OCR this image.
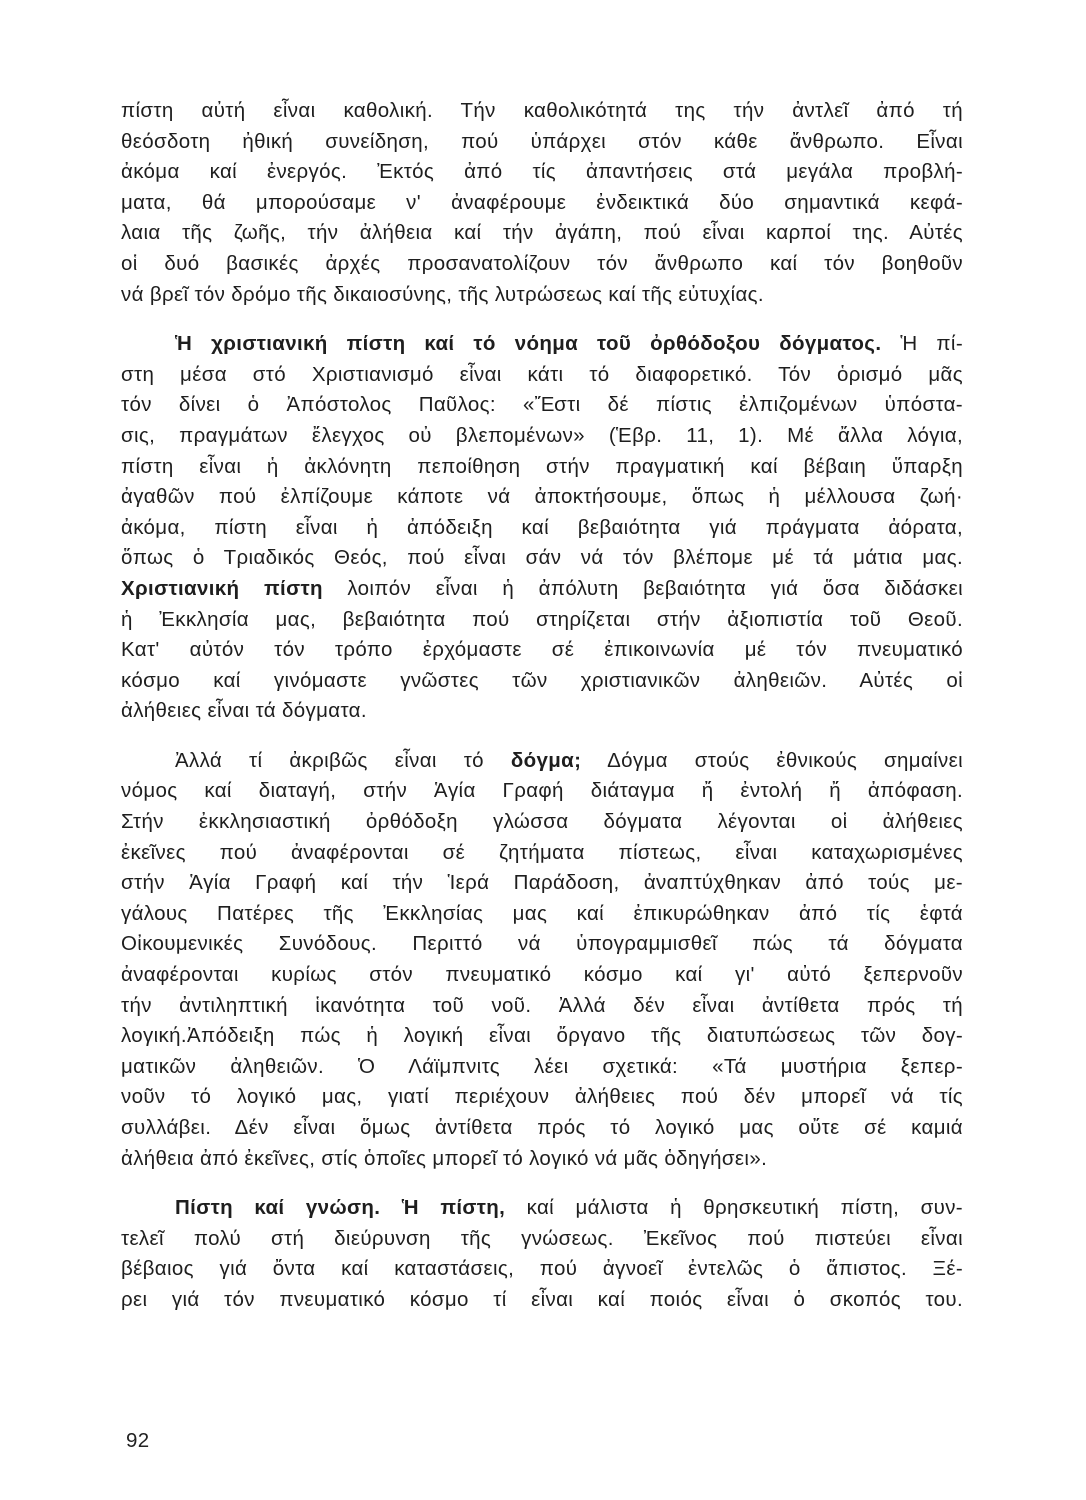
πίστη αὐτή εἶναι καθολική. Τήν καθολικότητά της τήν ἀντλεῖ ἀπό τή
θεόσδοτη ἠθική συνείδηση, πού ὑπάρχει στόν κάθε ἄνθρωπο. Εἶναι
ἀκόμα καί ἐνεργός. Ἐκτός ἀπό τίς ἀπαντήσεις στά μεγάλα προβλή-
ματα, θά μπορούσαμε ν' ἀναφέρουμε ἐνδεικτικά δύο σημαντικά κεφά-
λαια τῆς ζωῆς, τήν ἀλήθεια καί τήν ἀγάπη, πού εἶναι καρποί της. Αὐτές
οἱ δυό βασικές ἀρχές προσανατολίζουν τόν ἄνθρωπο καί τόν βοηθοῦν
νά βρεῖ τόν δρόμο τῆς δικαιοσύνης, τῆς λυτρώσεως καί τῆς εὐτυχίας.
Ἡ χριστιανική πίστη καί τό νόημα τοῦ ὀρθόδοξου δόγματος. Ἡ πί-
στη μέσα στό Χριστιανισμό εἶναι κάτι τό διαφορετικό. Τόν ὁρισμό μᾶς
τόν δίνει ὁ Ἀπόστολος Παῦλος: «Ἔστι δέ πίστις ἐλπιζομένων ὑπόστα-
σις, πραγμάτων ἔλεγχος οὐ βλεπομένων» (Ἑβρ. 11, 1). Μέ ἄλλα λόγια,
πίστη εἶναι ἡ ἀκλόνητη πεποίθηση στήν πραγματική καί βέβαιη ὕπαρξη
ἀγαθῶν πού ἐλπίζουμε κάποτε νά ἀποκτήσουμε, ὅπως ἡ μέλλουσα ζωή·
ἀκόμα, πίστη εἶναι ἡ ἀπόδειξη καί βεβαιότητα γιά πράγματα ἀόρατα,
ὅπως ὁ Τριαδικός Θεός, πού εἶναι σάν νά τόν βλέπομε μέ τά μάτια μας.
Χριστιανική πίστη λοιπόν εἶναι ἡ ἀπόλυτη βεβαιότητα γιά ὅσα διδάσκει
ἡ Ἐκκλησία μας, βεβαιότητα πού στηρίζεται στήν ἀξιοπιστία τοῦ Θεοῦ.
Κατ' αὐτόν τόν τρόπο ἐρχόμαστε σέ ἐπικοινωνία μέ τόν πνευματικό
κόσμο καί γινόμαστε γνῶστες τῶν χριστιανικῶν ἀληθειῶν. Αὐτές οἱ
ἀλήθειες εἶναι τά δόγματα.
Ἀλλά τί ἀκριβῶς εἶναι τό δόγμα; Δόγμα στούς ἐθνικούς σημαίνει
νόμος καί διαταγή, στήν Ἁγία Γραφή διάταγμα ἤ ἐντολή ἤ ἀπόφαση.
Στήν ἐκκλησιαστική ὀρθόδοξη γλώσσα δόγματα λέγονται οἱ ἀλήθειες
ἐκεῖνες πού ἀναφέρονται σέ ζητήματα πίστεως, εἶναι καταχωρισμένες
στήν Ἁγία Γραφή καί τήν Ἱερά Παράδοση, ἀναπτύχθηκαν ἀπό τούς με-
γάλους Πατέρες τῆς Ἐκκλησίας μας καί ἐπικυρώθηκαν ἀπό τίς ἑφτά
Οἰκουμενικές Συνόδους. Περιττό νά ὑπογραμμισθεῖ πώς τά δόγματα
ἀναφέρονται κυρίως στόν πνευματικό κόσμο καί γι' αὐτό ξεπερνοῦν
τήν ἀντιληπτική ἱκανότητα τοῦ νοῦ. Ἀλλά δέν εἶναι ἀντίθετα πρός τή
λογική.Ἀπόδειξη πώς ἡ λογική εἶναι ὄργανο τῆς διατυπώσεως τῶν δογ-
ματικῶν ἀληθειῶν. Ὁ Λάϊμπνιτς λέει σχετικά: «Τά μυστήρια ξεπερ-
νοῦν τό λογικό μας, γιατί περιέχουν ἀλήθειες πού δέν μπορεῖ νά τίς
συλλάβει. Δέν εἶναι ὅμως ἀντίθετα πρός τό λογικό μας οὔτε σέ καμιά
ἀλήθεια ἀπό ἐκεῖνες, στίς ὁποῖες μπορεῖ τό λογικό νά μᾶς ὁδηγήσει».
Πίστη καί γνώση. Ἡ πίστη, καί μάλιστα ἡ θρησκευτική πίστη, συν-
τελεῖ πολύ στή διεύρυνση τῆς γνώσεως. Ἐκεῖνος πού πιστεύει εἶναι
βέβαιος γιά ὄντα καί καταστάσεις, πού ἀγνοεῖ ἐντελῶς ὁ ἄπιστος. Ξέ-
ρει γιά τόν πνευματικό κόσμο τί εἶναι καί ποιός εἶναι ὁ σκοπός του.
92
